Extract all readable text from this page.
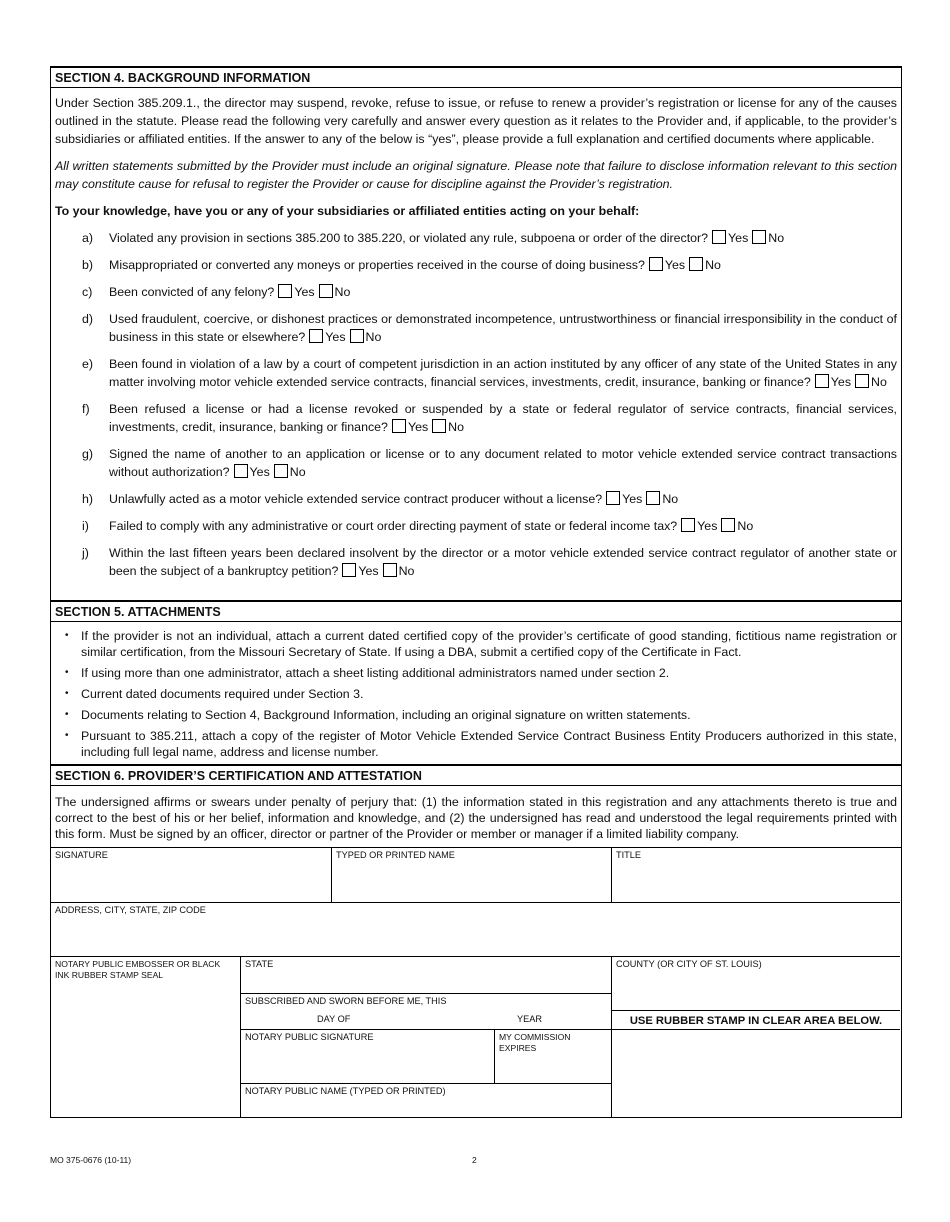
SECTION 4. BACKGROUND INFORMATION
Under Section 385.209.1., the director may suspend, revoke, refuse to issue, or refuse to renew a provider’s registration or license for any of the causes outlined in the statute. Please read the following very carefully and answer every question as it relates to the Provider and, if applicable, to the provider’s subsidiaries or affiliated entities. If the answer to any of the below is “yes”, please provide a full explanation and certified documents where applicable.
All written statements submitted by the Provider must include an original signature. Please note that failure to disclose information relevant to this section may constitute cause for refusal to register the Provider or cause for discipline against the Provider’s registration.
To your knowledge, have you or any of your subsidiaries or affiliated entities acting on your behalf:
a) Violated any provision in sections 385.200 to 385.220, or violated any rule, subpoena or order of the director? Yes No
b) Misappropriated or converted any moneys or properties received in the course of doing business? Yes No
c) Been convicted of any felony? Yes No
d) Used fraudulent, coercive, or dishonest practices or demonstrated incompetence, untrustworthiness or financial irresponsibility in the conduct of business in this state or elsewhere? Yes No
e) Been found in violation of a law by a court of competent jurisdiction in an action instituted by any officer of any state of the United States in any matter involving motor vehicle extended service contracts, financial services, investments, credit, insurance, banking or finance? Yes No
f) Been refused a license or had a license revoked or suspended by a state or federal regulator of service contracts, financial services, investments, credit, insurance, banking or finance? Yes No
g) Signed the name of another to an application or license or to any document related to motor vehicle extended service contract transactions without authorization? Yes No
h) Unlawfully acted as a motor vehicle extended service contract producer without a license? Yes No
i) Failed to comply with any administrative or court order directing payment of state or federal income tax? Yes No
j) Within the last fifteen years been declared insolvent by the director or a motor vehicle extended service contract regulator of another state or been the subject of a bankruptcy petition? Yes No
SECTION 5. ATTACHMENTS
• If the provider is not an individual, attach a current dated certified copy of the provider’s certificate of good standing, fictitious name registration or similar certification, from the Missouri Secretary of State. If using a DBA, submit a certified copy of the Certificate in Fact.
• If using more than one administrator, attach a sheet listing additional administrators named under section 2.
• Current dated documents required under Section 3.
• Documents relating to Section 4, Background Information, including an original signature on written statements.
• Pursuant to 385.211, attach a copy of the register of Motor Vehicle Extended Service Contract Business Entity Producers authorized in this state, including full legal name, address and license number.
SECTION 6. PROVIDER’S CERTIFICATION AND ATTESTATION
The undersigned affirms or swears under penalty of perjury that: (1) the information stated in this registration and any attachments thereto is true and correct to the best of his or her belief, information and knowledge, and (2) the undersigned has read and understood the legal requirements printed with this form. Must be signed by an officer, director or partner of the Provider or member or manager if a limited liability company.
SIGNATURE	TYPED OR PRINTED NAME	TITLE
ADDRESS, CITY, STATE, ZIP CODE
NOTARY PUBLIC EMBOSSER OR BLACK INK RUBBER STAMP SEAL
STATE
SUBSCRIBED AND SWORN BEFORE ME, THIS
DAY OF	YEAR
NOTARY PUBLIC SIGNATURE	MY COMMISSION EXPIRES
NOTARY PUBLIC NAME (TYPED OR PRINTED)
COUNTY (OR CITY OF ST. LOUIS)
USE RUBBER STAMP IN CLEAR AREA BELOW.
MO 375-0676 (10-11)	2
